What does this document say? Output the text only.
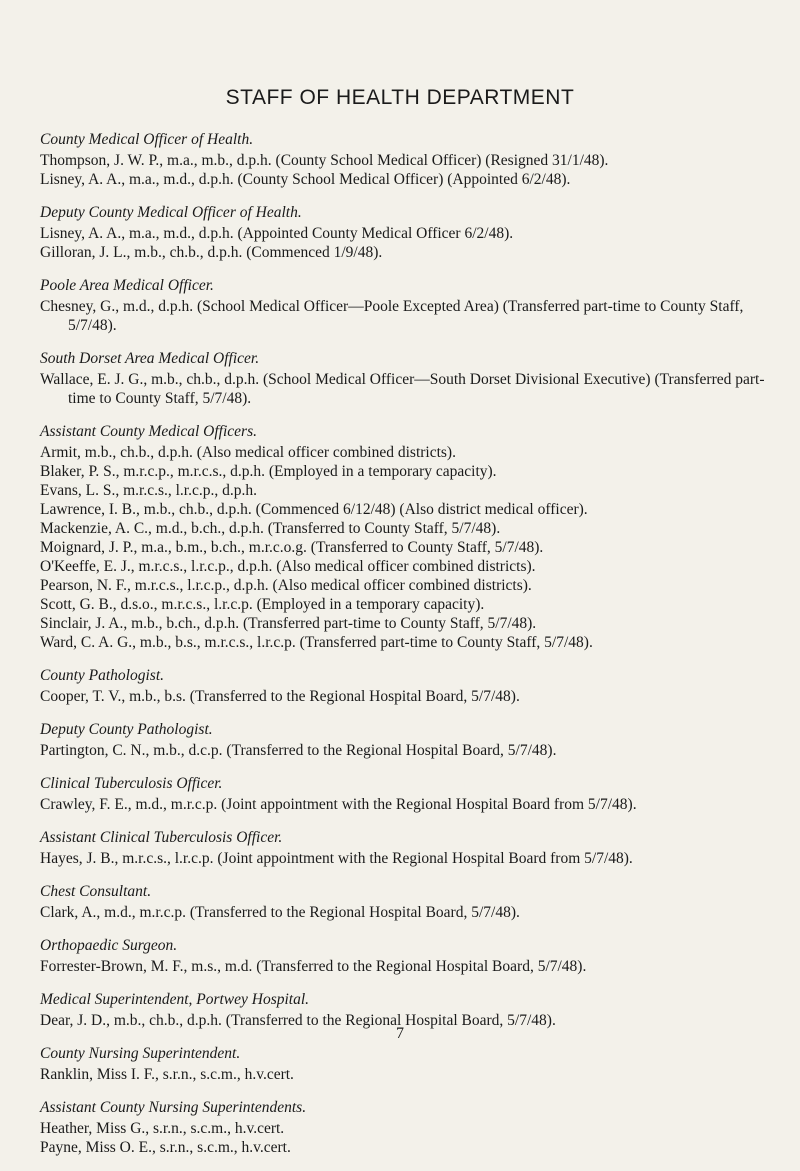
STAFF OF HEALTH DEPARTMENT
County Medical Officer of Health.

Thompson, J. W. P., m.a., m.b., d.p.h. (County School Medical Officer) (Resigned 31/1/48).

Lisney, A. A., m.a., m.d., d.p.h. (County School Medical Officer) (Appointed 6/2/48).

Deputy County Medical Officer of Health.

Lisney, A. A., m.a., m.d., d.p.h. (Appointed County Medical Officer 6/2/48).

Gilloran, J. L., m.b., ch.b., d.p.h. (Commenced 1/9/48).

Poole Area Medical Officer.

Chesney, G., m.d., d.p.h. (School Medical Officer—Poole Excepted Area) (Transferred part-time to County Staff, 5/7/48).

South Dorset Area Medical Officer.

Wallace, E. J. G., m.b., ch.b., d.p.h. (School Medical Officer—South Dorset Divisional Executive) (Transferred part-time to County Staff, 5/7/48).

Assistant County Medical Officers.

Armit, m.b., ch.b., d.p.h. (Also medical officer combined districts).

Blaker, P. S., m.r.c.p., m.r.c.s., d.p.h. (Employed in a temporary capacity).

Evans, L. S., m.r.c.s., l.r.c.p., d.p.h.

Lawrence, I. B., m.b., ch.b., d.p.h. (Commenced 6/12/48) (Also district medical officer).

Mackenzie, A. C., m.d., b.ch., d.p.h. (Transferred to County Staff, 5/7/48).

Moignard, J. P., m.a., b.m., b.ch., m.r.c.o.g. (Transferred to County Staff, 5/7/48).

O'Keeffe, E. J., m.r.c.s., l.r.c.p., d.p.h. (Also medical officer combined districts).

Pearson, N. F., m.r.c.s., l.r.c.p., d.p.h. (Also medical officer combined districts).

Scott, G. B., d.s.o., m.r.c.s., l.r.c.p. (Employed in a temporary capacity).

Sinclair, J. A., m.b., b.ch., d.p.h. (Transferred part-time to County Staff, 5/7/48).

Ward, C. A. G., m.b., b.s., m.r.c.s., l.r.c.p. (Transferred part-time to County Staff, 5/7/48).

County Pathologist.

Cooper, T. V., m.b., b.s. (Transferred to the Regional Hospital Board, 5/7/48).

Deputy County Pathologist.

Partington, C. N., m.b., d.c.p. (Transferred to the Regional Hospital Board, 5/7/48).

Clinical Tuberculosis Officer.

Crawley, F. E., m.d., m.r.c.p. (Joint appointment with the Regional Hospital Board from 5/7/48).

Assistant Clinical Tuberculosis Officer.

Hayes, J. B., m.r.c.s., l.r.c.p. (Joint appointment with the Regional Hospital Board from 5/7/48).

Chest Consultant.

Clark, A., m.d., m.r.c.p. (Transferred to the Regional Hospital Board, 5/7/48).

Orthopaedic Surgeon.

Forrester-Brown, M. F., m.s., m.d. (Transferred to the Regional Hospital Board, 5/7/48).

Medical Superintendent, Portwey Hospital.

Dear, J. D., m.b., ch.b., d.p.h. (Transferred to the Regional Hospital Board, 5/7/48).

County Nursing Superintendent.

Ranklin, Miss I. F., s.r.n., s.c.m., h.v.cert.

Assistant County Nursing Superintendents.

Heather, Miss G., s.r.n., s.c.m., h.v.cert.

Payne, Miss O. E., s.r.n., s.c.m., h.v.cert.

7
